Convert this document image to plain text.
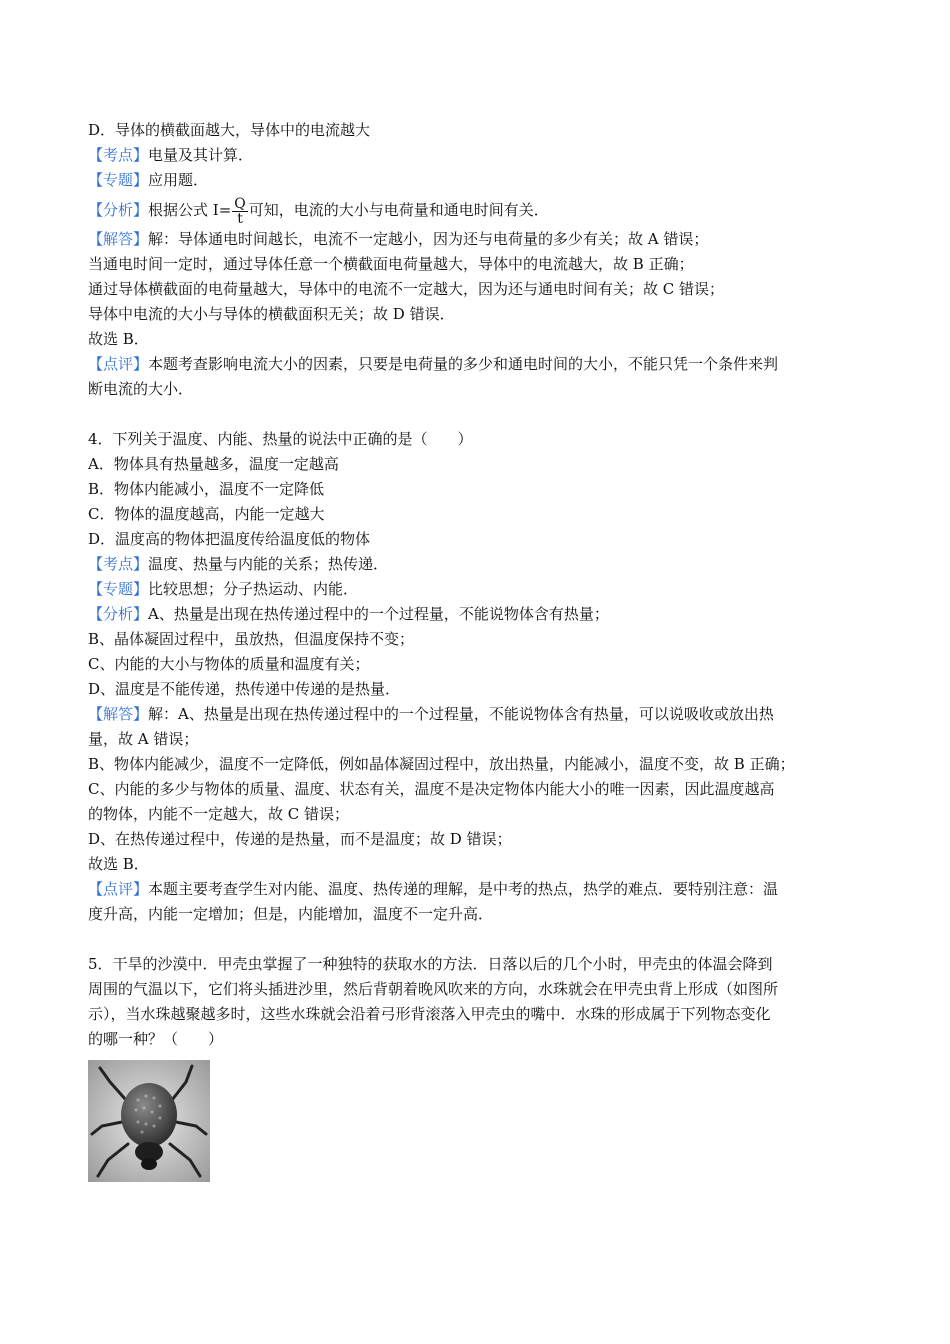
D．导体的横截面越大，导体中的电流越大
【考点】电量及其计算．
【专题】应用题．
【分析】根据公式 $I= \frac{Q}{t}$ 可知，电流的大小与电荷量和通电时间有关．
【解答】解：导体通电时间越长，电流不一定越小，因为还与电荷量的多少有关；故 A 错误；
当通电时间一定时，通过导体任意一个横截面电荷量越大，导体中的电流越大，故 B 正确；
通过导体横截面的电荷量越大，导体中的电流不一定越大，因为还与通电时间有关；故 C 错误；
导体中电流的大小与导体的横截面积无关；故 D 错误．
故选 B．
【点评】本题考查影响电流大小的因素，只要是电荷量的多少和通电时间的大小，不能只凭一个条件来判
断电流的大小．
4．下列关于温度、内能、热量的说法中正确的是（　　）
A．物体具有热量越多，温度一定越高
B．物体内能减小，温度不一定降低
C．物体的温度越高，内能一定越大
D．温度高的物体把温度传给温度低的物体
【考点】温度、热量与内能的关系；热传递．
【专题】比较思想；分子热运动、内能．
【分析】A、热量是出现在热传递过程中的一个过程量，不能说物体含有热量；
B、晶体凝固过程中，虽放热，但温度保持不变；
C、内能的大小与物体的质量和温度有关；
D、温度是不能传递，热传递中传递的是热量．
【解答】解：A、热量是出现在热传递过程中的一个过程量，不能说物体含有热量，可以说吸收或放出热
量，故 A 错误；
B、物体内能减少，温度不一定降低，例如晶体凝固过程中，放出热量，内能减小，温度不变，故 B 正确；
C、内能的多少与物体的质量、温度、状态有关，温度不是决定物体内能大小的唯一因素，因此温度越高
的物体，内能不一定越大，故 C 错误；
D、在热传递过程中，传递的是热量，而不是温度；故 D 错误；
故选 B．
【点评】本题主要考查学生对内能、温度、热传递的理解，是中考的热点，热学的难点．要特别注意：温
度升高，内能一定增加；但是，内能增加，温度不一定升高．
5．干旱的沙漠中．甲壳虫掌握了一种独特的获取水的方法．日落以后的几个小时，甲壳虫的体温会降到
周围的气温以下，它们将头插进沙里，然后背朝着晚风吹来的方向，水珠就会在甲壳虫背上形成（如图所
示），当水珠越聚越多时，这些水珠就会沿着弓形背滚落入甲壳虫的嘴中．水珠的形成属于下列物态变化
的哪一种？（　　）
